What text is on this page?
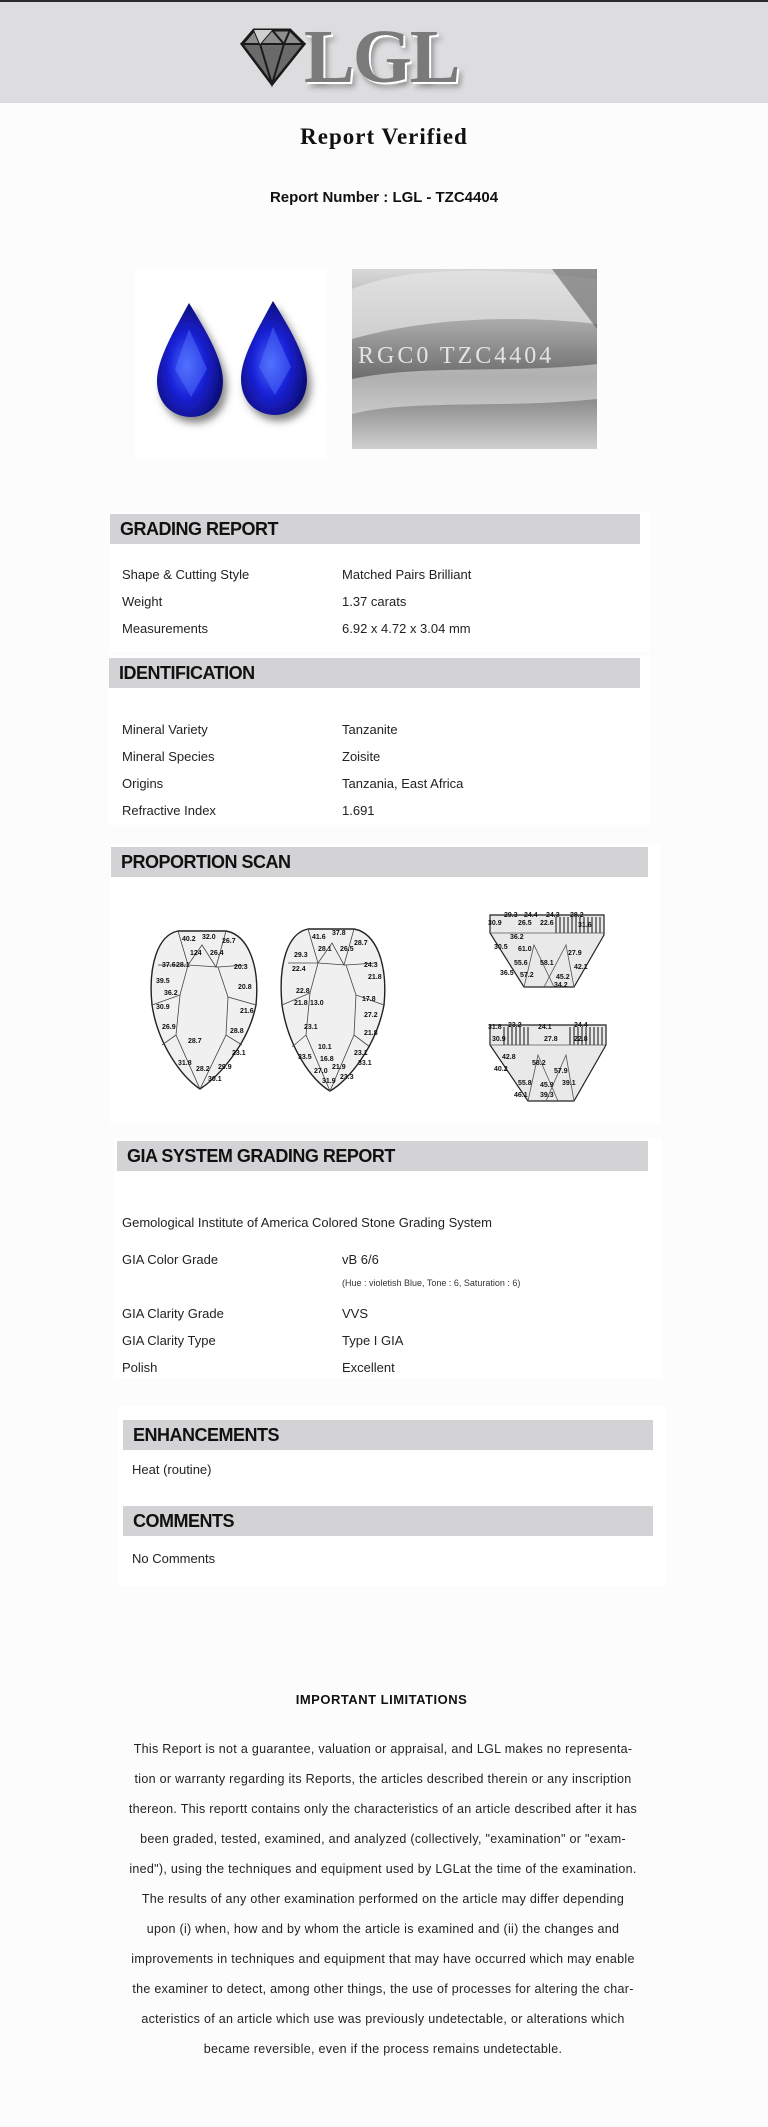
LGL
Report Verified
Report Number : LGL - TZC4404
RGC0 TZC4404
GRADING REPORT
Shape & Cutting Style	Matched Pairs Brilliant
Weight	1.37 carats
Measurements	6.92 x 4.72 x 3.04 mm
IDENTIFICATION
Mineral Variety	Tanzanite
Mineral Species	Zoisite
Origins	Tanzania, East Africa
Refractive Index	1.691
PROPORTION SCAN
40.2 32.0
26.7
124 26.4
37.6 28.1	20.3
39.5
36.2
30.9
20.8
26.9
21.6
28.7
28.8
31.8
28.2 29.9
30.1
23.1
41.6
37.8
28.7
29.3
28.1 26.5
22.4
24.3
21.8
22.8
21.8 13.0
17.8
27.2
23.1
21.8
10.1
33.5 16.8
23.1
27.0
21.9
33.1
31.9
23.3
29.3 24.4 24.3 28.2
30.9 26.5 22.6	31.6
36.2
30.5 61.0
55.6 58.1
27.9
42.1
36.5 57.2	45.2
34.2
31.8 23.2 24.1	24.4
30.9	27.8 22.8
42.8
58.2
40.2	57.9
55.8 45.9 39.1
46.1 39.3
GIA SYSTEM GRADING REPORT
Gemological Institute of America Colored Stone Grading System
GIA Color Grade	vB 6/6
(Hue : violetish Blue, Tone : 6, Saturation : 6)
GIA Clarity Grade	VVS
GIA Clarity Type	Type I GIA
Polish	Excellent
ENHANCEMENTS
Heat (routine)
COMMENTS
No Comments
IMPORTANT LIMITATIONS
This Report is not a guarantee, valuation or appraisal, and LGL makes no representa-
tion or warranty regarding its Reports, the articles described therein or any inscription
thereon. This reportt contains only the characteristics of an article described after it has
been graded, tested, examined, and analyzed (collectively, "examination" or "exam-
ined"), using the techniques and equipment used by LGLat the time of the examination.
The results of any other examination performed on the article may differ depending
upon (i) when, how and by whom the article is examined and (ii) the changes and
improvements in techniques and equipment that may have occurred which may enable
the examiner to detect, among other things, the use of processes for altering the char-
acteristics of an article which use was previously undetectable, or alterations which
became reversible, even if the process remains undetectable.
